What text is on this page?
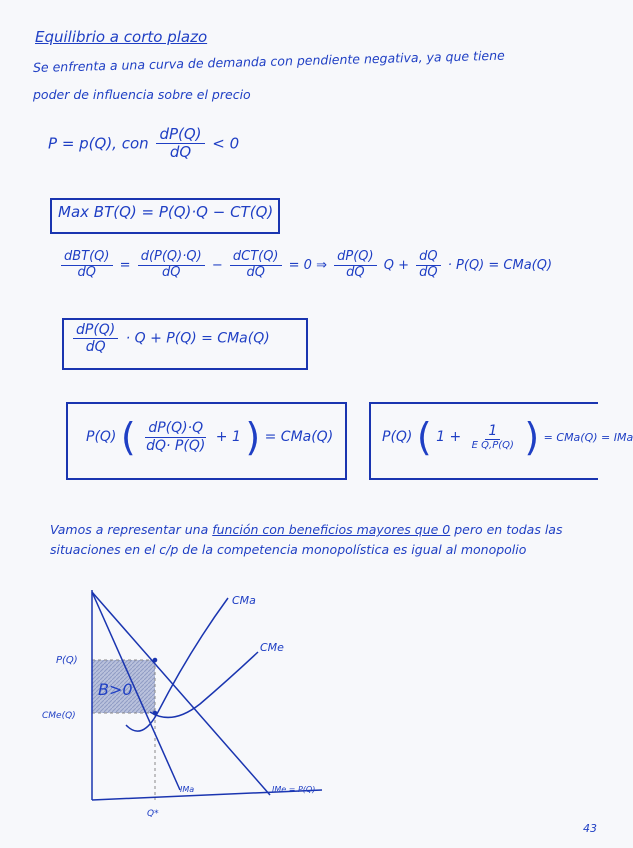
Equilibrio a corto plazo
Se enfrenta a una curva de demanda con pendiente negativa, ya que tiene
poder de influencia sobre el precio
P = p(Q), con $\frac{dP(Q)}{dQ} < 0$
Max BT(Q) = P(Q)·Q − CT(Q)
$\frac{\text{dBT(Q)}}{dQ} = \frac{d(P(Q)\cdot Q)}{dQ} - \frac{\text{dCT(Q)}}{dQ} = 0$ ⇒ $\frac{dP(Q)}{dQ}$ $Q + \frac{dQ}{dQ} \cdot P(Q) = CMa(Q)$
$\frac{dP(Q)}{dQ} \cdot Q + P(Q) = CMa(Q)$
P(Q) ( $\frac{dP(Q)\cdot Q}{dQ\cdot P(Q)} + 1$ ) = CMa(Q)	P(Q) ( $1 + \frac{1}{\text{E Q,P(Q)}}$ ) = CMa(Q) = IMa
Vamos a representar una función con beneficios mayores que 0 pero en todas las
situaciones en el c/p de la competencia monopolística es igual al monopolio
CMa
CMe
P(Q)
CMe(Q)
B>0
IMa	IMe = P(Q)
Q*
43
